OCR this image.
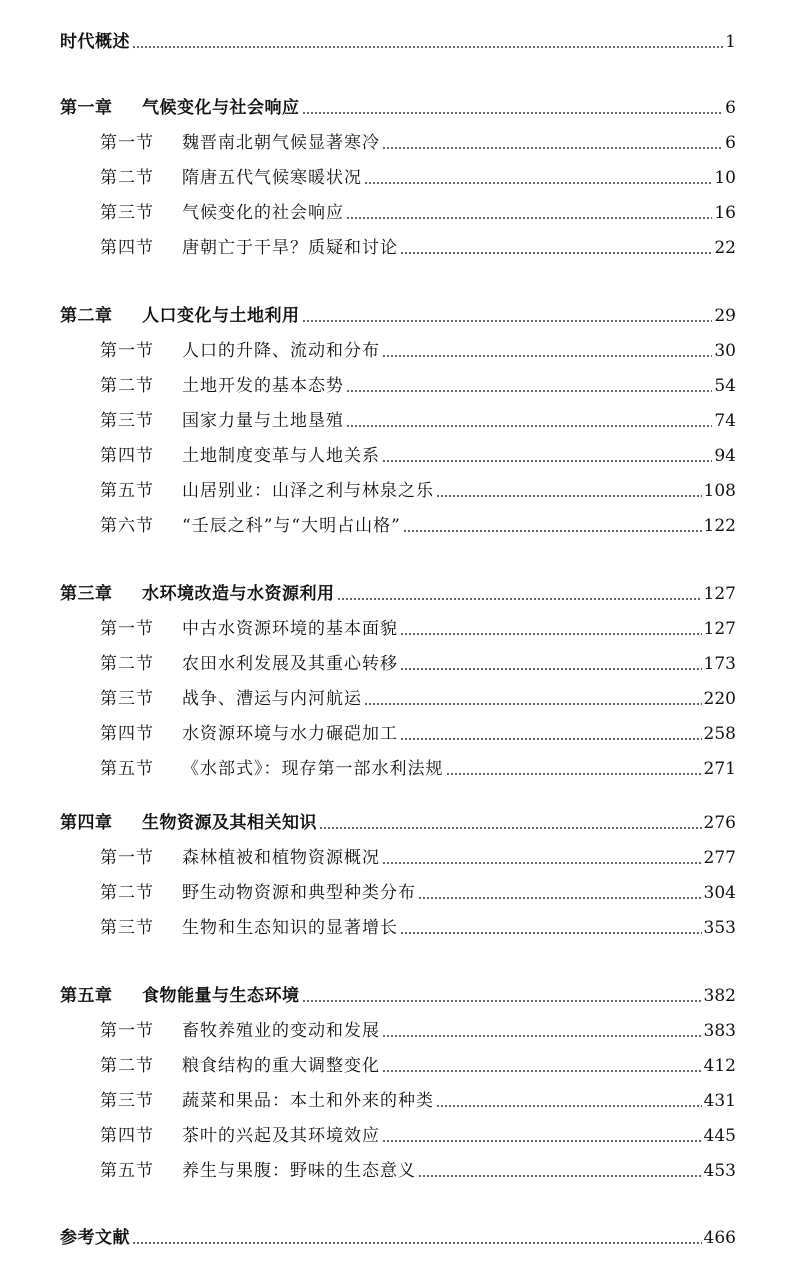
时代概述	1
第一章 气候变化与社会响应	6
第一节 魏晋南北朝气候显著寒冷	6
第二节 隋唐五代气候寒暖状况	10
第三节 气候变化的社会响应	16
第四节 唐朝亡于干旱？质疑和讨论	22
第二章 人口变化与土地利用	29
第一节 人口的升降、流动和分布	30
第二节 土地开发的基本态势	54
第三节 国家力量与土地垦殖	74
第四节 土地制度变革与人地关系	94
第五节 山居别业：山泽之利与林泉之乐	108
第六节 “壬辰之科”与“大明占山格”	122
第三章 水环境改造与水资源利用	127
第一节 中古水资源环境的基本面貌	127
第二节 农田水利发展及其重心转移	173
第三节 战争、漕运与内河航运	220
第四节 水资源环境与水力碾硙加工	258
第五节 《水部式》：现存第一部水利法规	271
第四章 生物资源及其相关知识	276
第一节 森林植被和植物资源概况	277
第二节 野生动物资源和典型种类分布	304
第三节 生物和生态知识的显著增长	353
第五章 食物能量与生态环境	382
第一节 畜牧养殖业的变动和发展	383
第二节 粮食结构的重大调整变化	412
第三节 蔬菜和果品：本土和外来的种类	431
第四节 茶叶的兴起及其环境效应	445
第五节 养生与果腹：野味的生态意义	453
参考文献	466
